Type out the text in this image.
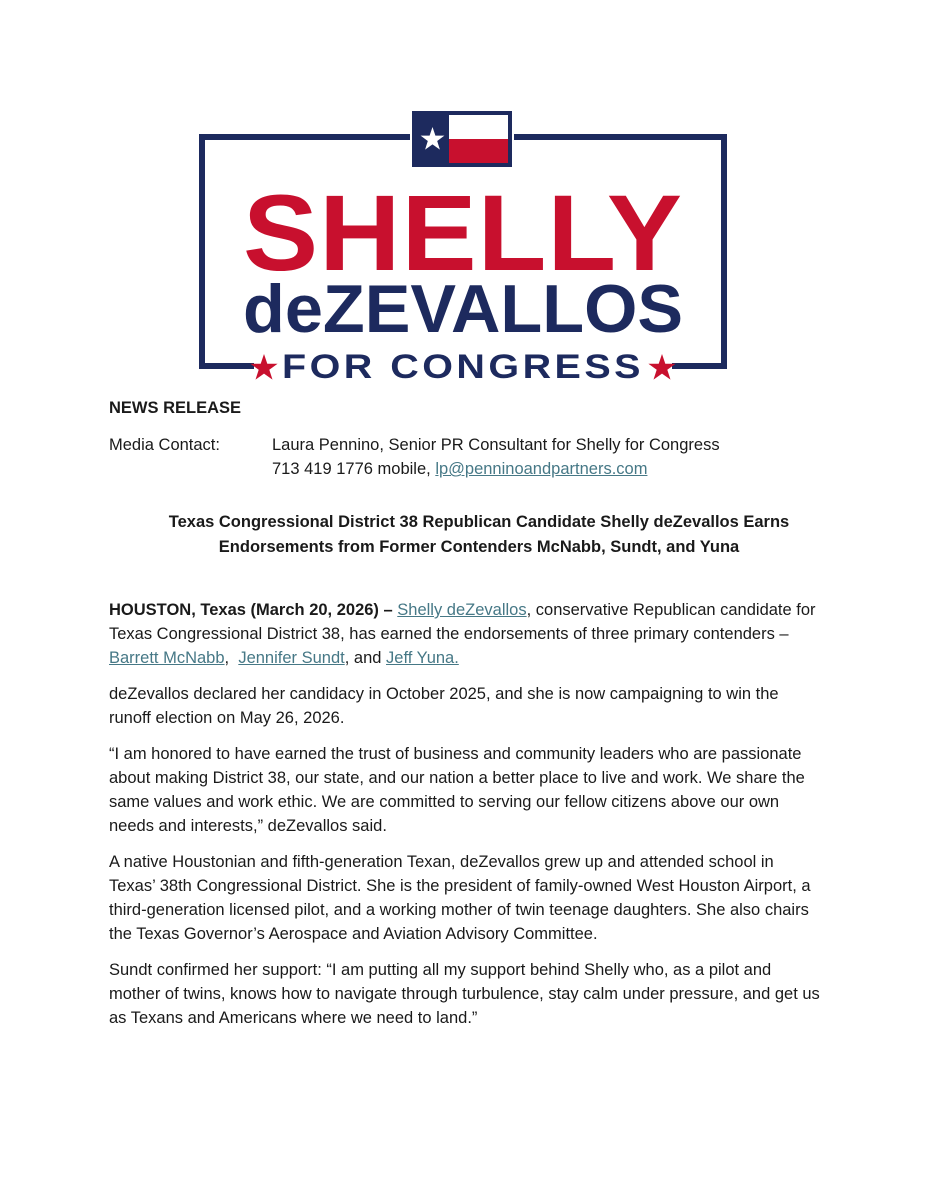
SHELLY
deZEVALLOS
FOR CONGRESS
NEWS RELEASE
Media Contact:	Laura Pennino, Senior PR Consultant for Shelly for Congress
713 419 1776 mobile, lp@penninoandpartners.com
Texas Congressional District 38 Republican Candidate Shelly deZevallos Earns
Endorsements from Former Contenders McNabb, Sundt, and Yuna

HOUSTON, Texas (March 20, 2026) – Shelly deZevallos, conservative Republican candidate for Texas Congressional District 38, has earned the endorsements of three primary contenders – Barrett McNabb,  Jennifer Sundt, and Jeff Yuna.

deZevallos declared her candidacy in October 2025, and she is now campaigning to win the runoff election on May 26, 2026.

“I am honored to have earned the trust of business and community leaders who are passionate about making District 38, our state, and our nation a better place to live and work. We share the same values and work ethic. We are committed to serving our fellow citizens above our own needs and interests,” deZevallos said.

A native Houstonian and fifth-generation Texan, deZevallos grew up and attended school in Texas’ 38th Congressional District. She is the president of family-owned West Houston Airport, a third-generation licensed pilot, and a working mother of twin teenage daughters. She also chairs the Texas Governor’s Aerospace and Aviation Advisory Committee.

Sundt confirmed her support: “I am putting all my support behind Shelly who, as a pilot and mother of twins, knows how to navigate through turbulence, stay calm under pressure, and get us as Texans and Americans where we need to land.”
